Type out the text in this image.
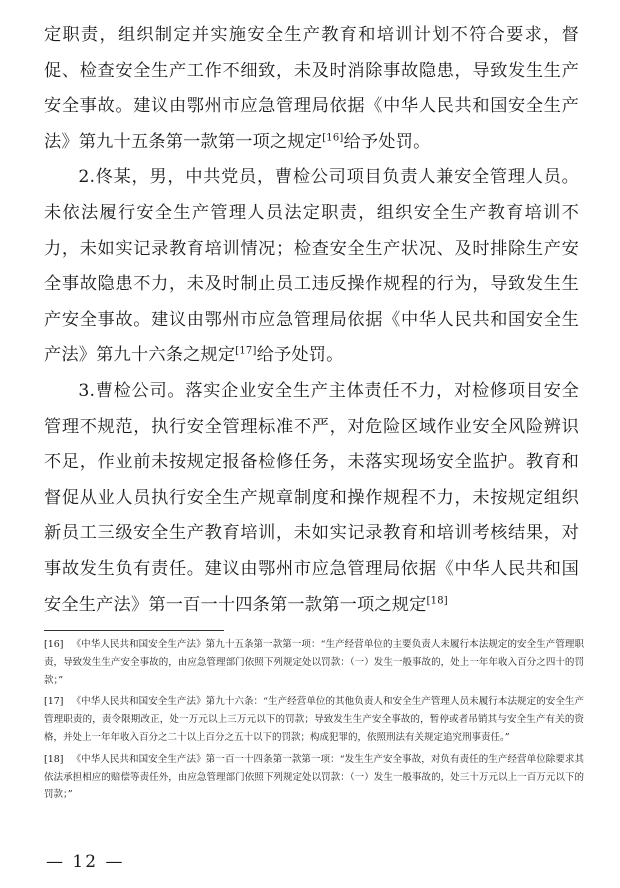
定职责，组织制定并实施安全生产教育和培训计划不符合要求，督促、检查安全生产工作不细致，未及时消除事故隐患，导致发生生产安全事故。建议由鄂州市应急管理局依据《中华人民共和国安全生产法》第九十五条第一款第一项之规定[16]给予处罚。

2.佟某，男，中共党员，曹检公司项目负责人兼安全管理人员。未依法履行安全生产管理人员法定职责，组织安全生产教育培训不力，未如实记录教育培训情况；检查安全生产状况、及时排除生产安全事故隐患不力，未及时制止员工违反操作规程的行为，导致发生生产安全事故。建议由鄂州市应急管理局依据《中华人民共和国安全生产法》第九十六条之规定[17]给予处罚。

3.曹检公司。落实企业安全生产主体责任不力，对检修项目安全管理不规范，执行安全管理标准不严，对危险区域作业安全风险辨识不足，作业前未按规定报备检修任务，未落实现场安全监护。教育和督促从业人员执行安全生产规章制度和操作规程不力，未按规定组织新员工三级安全生产教育培训，未如实记录教育和培训考核结果，对事故发生负有责任。建议由鄂州市应急管理局依据《中华人民共和国安全生产法》第一百一十四条第一款第一项之规定[18]

[16] 《中华人民共和国安全生产法》第九十五条第一款第一项：“生产经营单位的主要负责人未履行本法规定的安全生产管理职责，导致发生生产安全事故的，由应急管理部门依照下列规定处以罚款：（一）发生一般事故的，处上一年年收入百分之四十的罚款；”

[17] 《中华人民共和国安全生产法》第九十六条：“生产经营单位的其他负责人和安全生产管理人员未履行本法规定的安全生产管理职责的，责令限期改正，处一万元以上三万元以下的罚款；导致发生生产安全事故的，暂停或者吊销其与安全生产有关的资格，并处上一年年收入百分之二十以上百分之五十以下的罚款；构成犯罪的，依照刑法有关规定追究刑事责任。”

[18] 《中华人民共和国安全生产法》第一百一十四条第一款第一项：“发生生产安全事故，对负有责任的生产经营单位除要求其依法承担相应的赔偿等责任外，由应急管理部门依照下列规定处以罚款：（一）发生一般事故的，处三十万元以上一百万元以下的罚款；”

— 12 —
